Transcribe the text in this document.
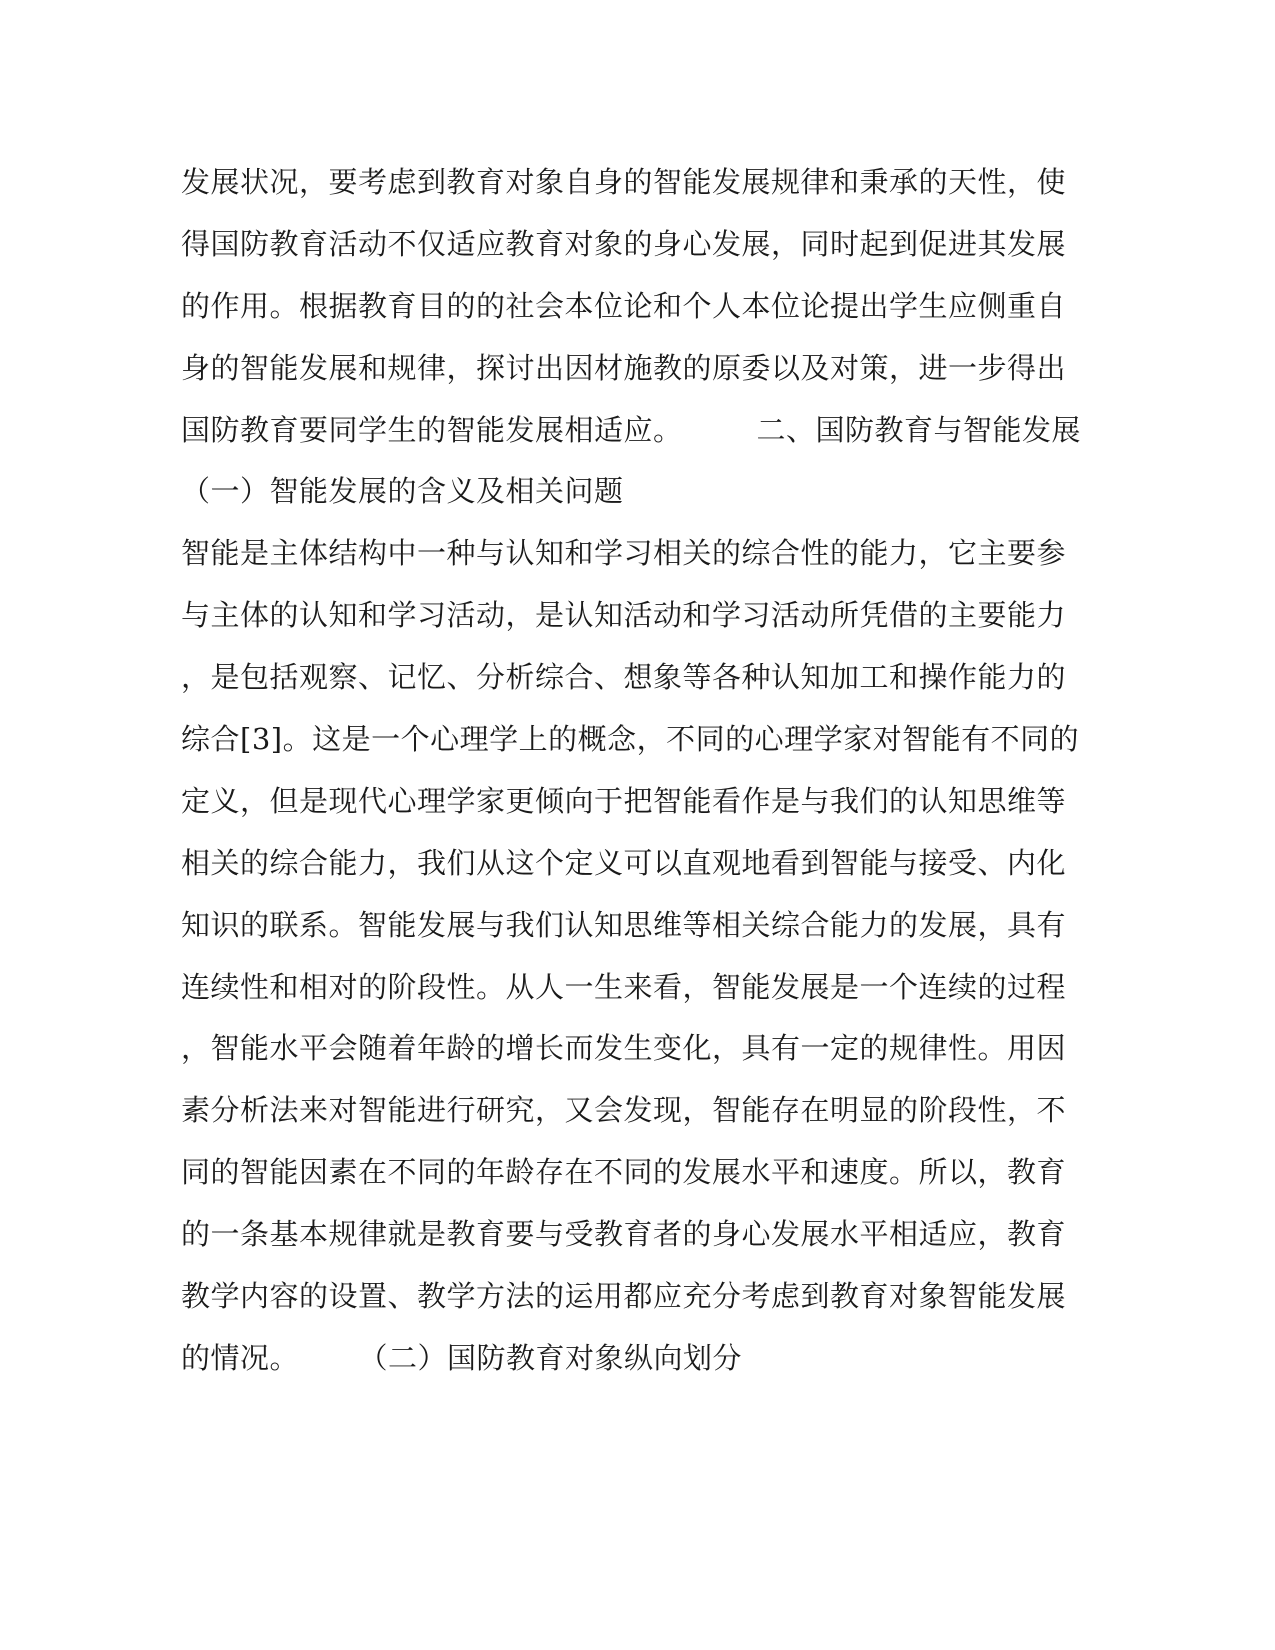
发展状况，要考虑到教育对象自身的智能发展规律和秉承的天性，使
得国防教育活动不仅适应教育对象的身心发展，同时起到促进其发展
的作用。根据教育目的的社会本位论和个人本位论提出学生应侧重自
身的智能发展和规律，探讨出因材施教的原委以及对策，进一步得出
国防教育要同学生的智能发展相适应。　　　二、国防教育与智能发展
（一）智能发展的含义及相关问题
智能是主体结构中一种与认知和学习相关的综合性的能力，它主要参
与主体的认知和学习活动，是认知活动和学习活动所凭借的主要能力
，是包括观察、记忆、分析综合、想象等各种认知加工和操作能力的
综合[3]。这是一个心理学上的概念，不同的心理学家对智能有不同的
定义，但是现代心理学家更倾向于把智能看作是与我们的认知思维等
相关的综合能力，我们从这个定义可以直观地看到智能与接受、内化
知识的联系。智能发展与我们认知思维等相关综合能力的发展，具有
连续性和相对的阶段性。从人一生来看，智能发展是一个连续的过程
，智能水平会随着年龄的增长而发生变化，具有一定的规律性。用因
素分析法来对智能进行研究，又会发现，智能存在明显的阶段性，不
同的智能因素在不同的年龄存在不同的发展水平和速度。所以，教育
的一条基本规律就是教育要与受教育者的身心发展水平相适应，教育
教学内容的设置、教学方法的运用都应充分考虑到教育对象智能发展
的情况。　　　（二）国防教育对象纵向划分
